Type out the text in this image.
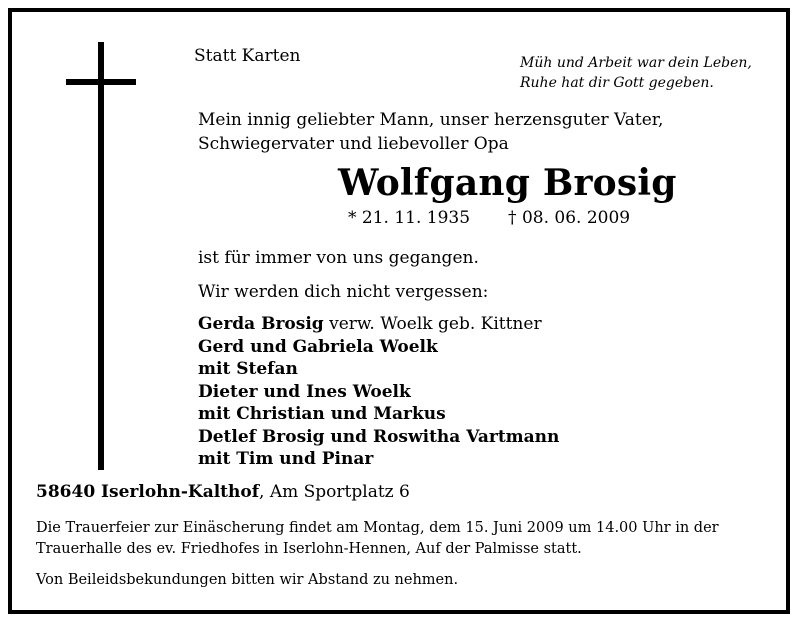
Statt Karten	Müh und Arbeit war dein Leben,
Ruhe hat dir Gott gegeben.
Mein innig geliebter Mann, unser herzensguter Vater,
Schwiegervater und liebevoller Opa
Wolfgang Brosig
* 21. 11. 1935 † 08. 06. 2009
ist für immer von uns gegangen.
Wir werden dich nicht vergessen:
Gerda Brosig verw. Woelk geb. Kittner
Gerd und Gabriela Woelk
mit Stefan
Dieter und Ines Woelk
mit Christian und Markus
Detlef Brosig und Roswitha Vartmann
mit Tim und Pinar
58640 Iserlohn-Kalthof, Am Sportplatz 6
Die Trauerfeier zur Einäscherung findet am Montag, dem 15. Juni 2009 um 14.00 Uhr in der
Trauerhalle des ev. Friedhofes in Iserlohn-Hennen, Auf der Palmisse statt.
Von Beileidsbekundungen bitten wir Abstand zu nehmen.
